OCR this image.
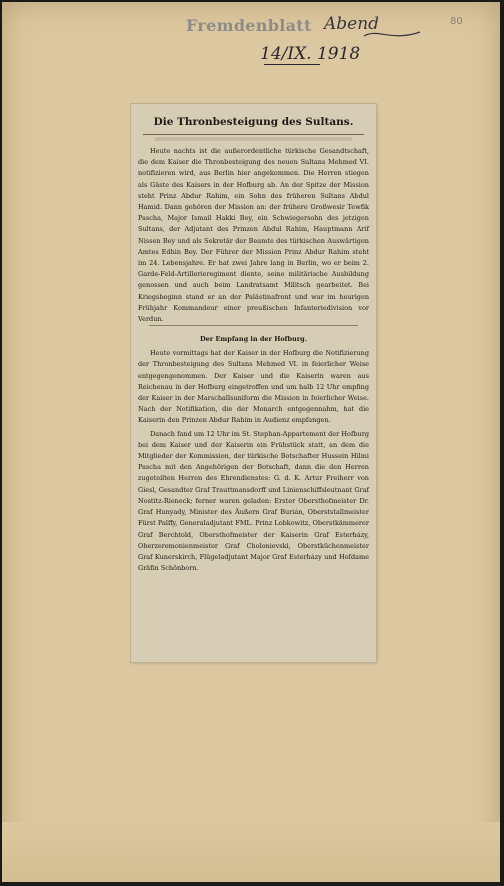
Fremdenblatt Abend
14/IX. 1918
80
Die Thronbesteigung des Sultans.

Heute nachts ist die außerordentliche türkische Gesandtschaft, die dem Kaiser die Thronbesteigung des neuen Sultans Mehmed VI. notifizieren wird, aus Berlin hier angekommen. Die Herren stiegen als Gäste des Kaisers in der Hofburg ab. An der Spitze der Mission steht Prinz Abdur Rahim, ein Sohn des früheren Sultans Abdul Hamid. Dann gehören der Mission an: der frühere Großwesir Tewfik Pascha, Major Ismail Hakki Bey, ein Schwiegersohn des jetzigen Sultans, der Adjutant des Prinzen Abdul Rahim, Hauptmann Arif Nissen Bey und als Sekretär der Beamte des türkischen Auswärtigen Amtes Edhin Bey. Der Führer der Mission Prinz Abdur Rahim steht im 24. Lebensjahre. Er hat zwei Jahre lang in Berlin, wo er beim 2. Garde-Feld-Artillerieregiment diente, seine militärische Ausbildung genossen und auch beim Landratsamt Militsch gearbeitet. Bei Kriegsbeginn stand er an der Palästinafront und war im heurigen Frühjahr Kommandeur einer preußischen Infanteriedivision vor Verdun.

Der Empfang in der Hofburg.

Heute vormittags hat der Kaiser in der Hofburg die Notifizierung der Thronbesteigung des Sultans Mehmed VI. in feierlicher Weise entgegengenommen. Der Kaiser und die Kaiserin waren aus Reichenau in der Hofburg eingetroffen und um halb 12 Uhr empfing der Kaiser in der Marschallsuniform die Mission in feierlicher Weise. Nach der Notifikation, die der Monarch entgegennahm, hat die Kaiserin den Prinzen Abdur Rahim in Audienz empfangen.

Danach fand um 12 Uhr im St. Stephan-Appartement der Hofburg bei dem Kaiser und der Kaiserin ein Frühstück statt, an dem die Mitglieder der Kommission, der türkische Botschafter Hussein Hilmi Pascha mit den Angehörigen der Botschaft, dann die den Herren zugeteilten Herren des Ehrendienstes: G. d. K. Artur Freiherr von Giesl, Gesandter Graf Trauttmansdorff und Linienschiffsleutnant Graf Nostitz-Rieneck; ferner waren geladen: Erster Obersthofmeister Dr. Graf Hunyady, Minister des Äußern Graf Burián, Oberststallmeister Fürst Palffy, Generaladjutant FML. Prinz Lobkowitz, Oberstkämmerer Graf Berchtold, Obersthofmeister der Kaiserin Graf Esterházy, Oberzeremonienmeister Graf Cholonievski, Oberstküchenmeister Graf Kunerskirch, Flügeladjutant Major Graf Esterházy und Hofdame Gräfin Schönborn.
